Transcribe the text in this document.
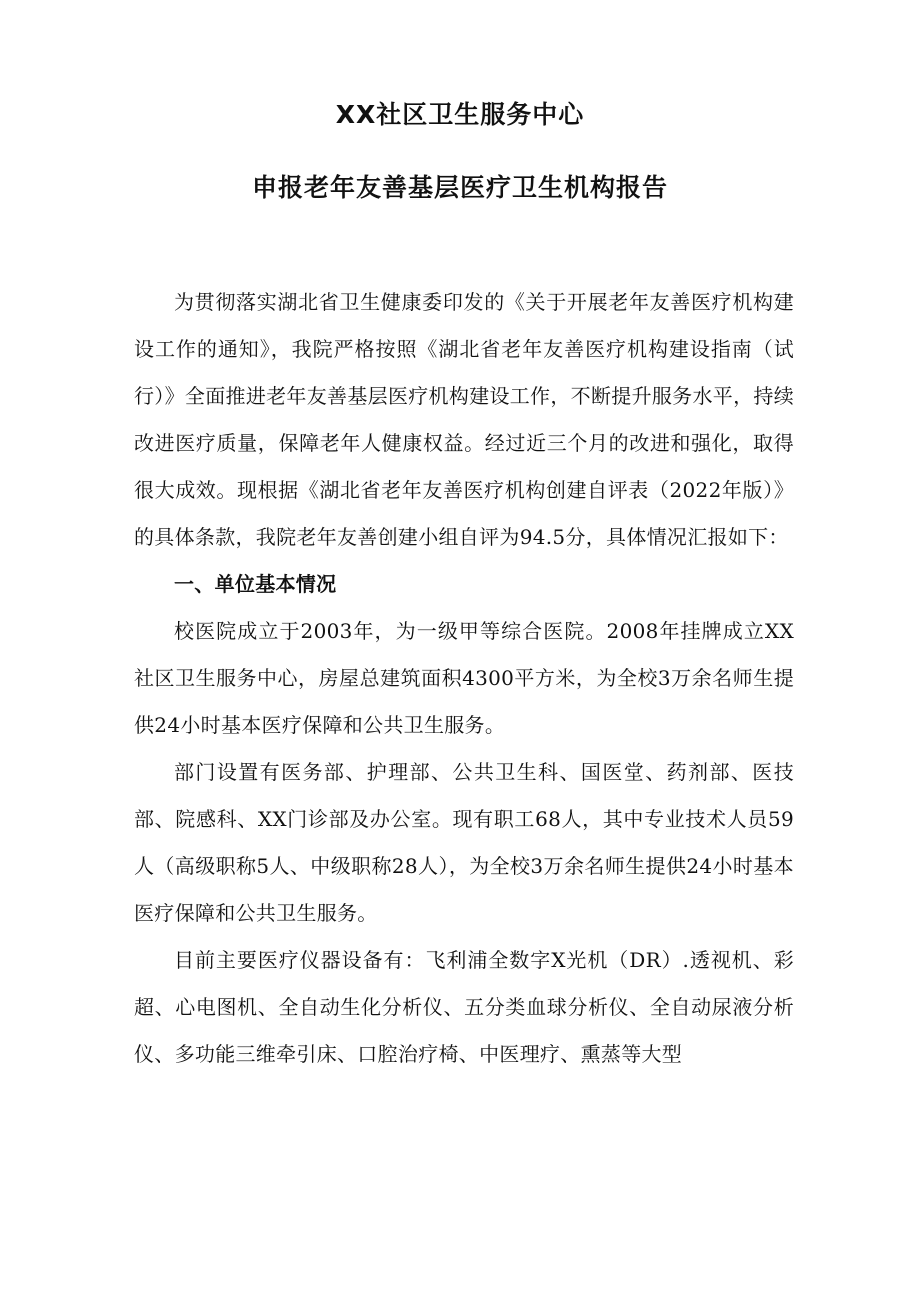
XX社区卫生服务中心
申报老年友善基层医疗卫生机构报告

为贯彻落实湖北省卫生健康委印发的《关于开展老年友善医疗机构建设工作的通知》，我院严格按照《湖北省老年友善医疗机构建设指南（试行）》全面推进老年友善基层医疗机构建设工作，不断提升服务水平，持续改进医疗质量，保障老年人健康权益。经过近三个月的改进和强化，取得很大成效。现根据《湖北省老年友善医疗机构创建自评表（2022年版）》的具体条款，我院老年友善创建小组自评为94.5分，具体情况汇报如下：

一、单位基本情况

校医院成立于2003年，为一级甲等综合医院。2008年挂牌成立XX社区卫生服务中心，房屋总建筑面积4300平方米，为全校3万余名师生提供24小时基本医疗保障和公共卫生服务。

部门设置有医务部、护理部、公共卫生科、国医堂、药剂部、医技部、院感科、XX门诊部及办公室。现有职工68人，其中专业技术人员59人（高级职称5人、中级职称28人），为全校3万余名师生提供24小时基本医疗保障和公共卫生服务。

目前主要医疗仪器设备有：飞利浦全数字X光机（DR）.透视机、彩超、心电图机、全自动生化分析仪、五分类血球分析仪、全自动尿液分析仪、多功能三维牵引床、口腔治疗椅、中医理疗、熏蒸等大型
